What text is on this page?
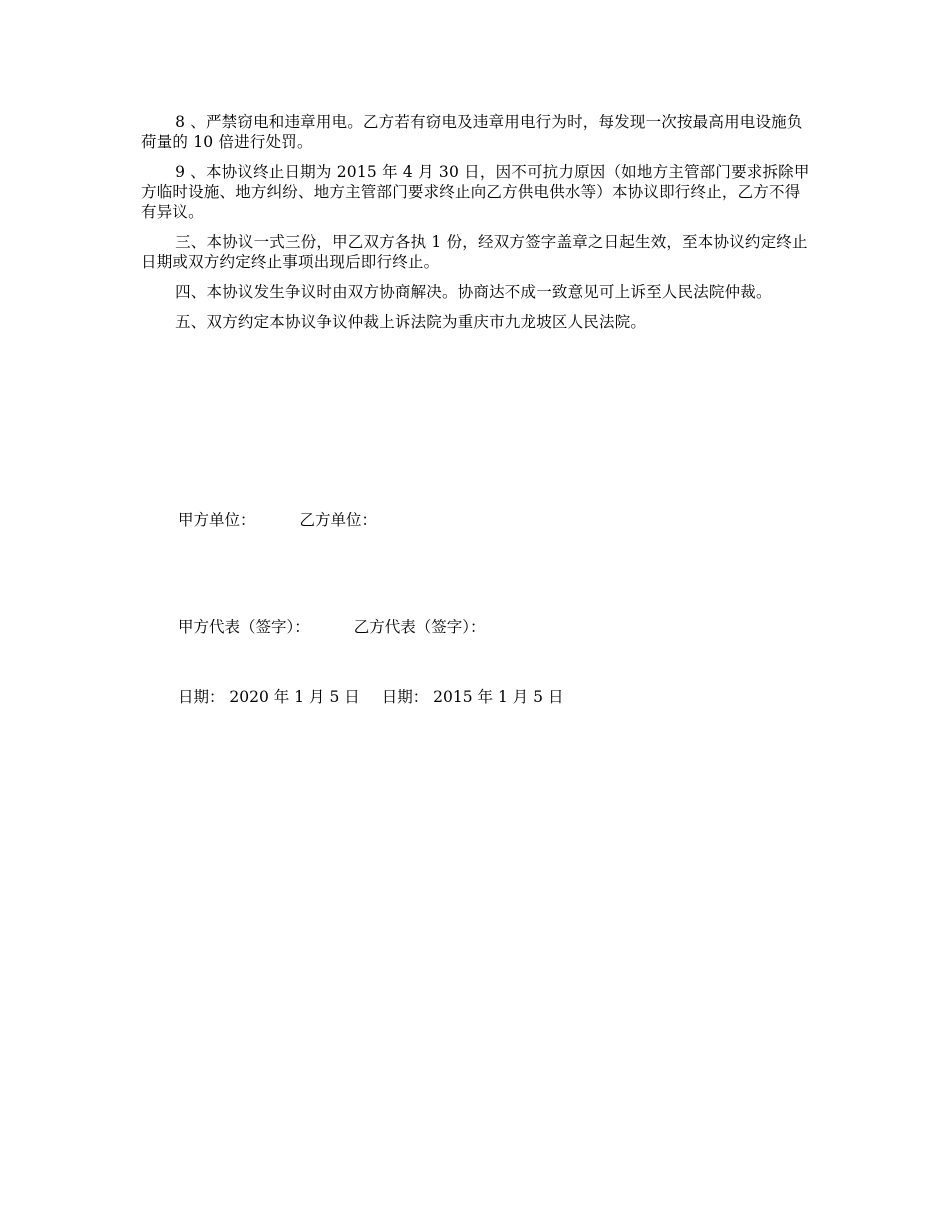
8 、严禁窃电和违章用电。乙方若有窃电及违章用电行为时，每发现一次按最高用电设施负荷量的 10 倍进行处罚。

9 、本协议终止日期为 2015 年 4 月 30 日，因不可抗力原因（如地方主管部门要求拆除甲方临时设施、地方纠纷、地方主管部门要求终止向乙方供电供水等）本协议即行终止，乙方不得有异议。

三、本协议一式三份，甲乙双方各执 1 份，经双方签字盖章之日起生效，至本协议约定终止日期或双方约定终止事项出现后即行终止。

四、本协议发生争议时由双方协商解决。协商达不成一致意见可上诉至人民法院仲裁。

五、双方约定本协议争议仲裁上诉法院为重庆市九龙坡区人民法院。

甲方单位：	乙方单位：
甲方代表（签字）：	乙方代表（签字）：
日期： 2020 年 1 月 5 日 日期： 2015 年 1 月 5 日
